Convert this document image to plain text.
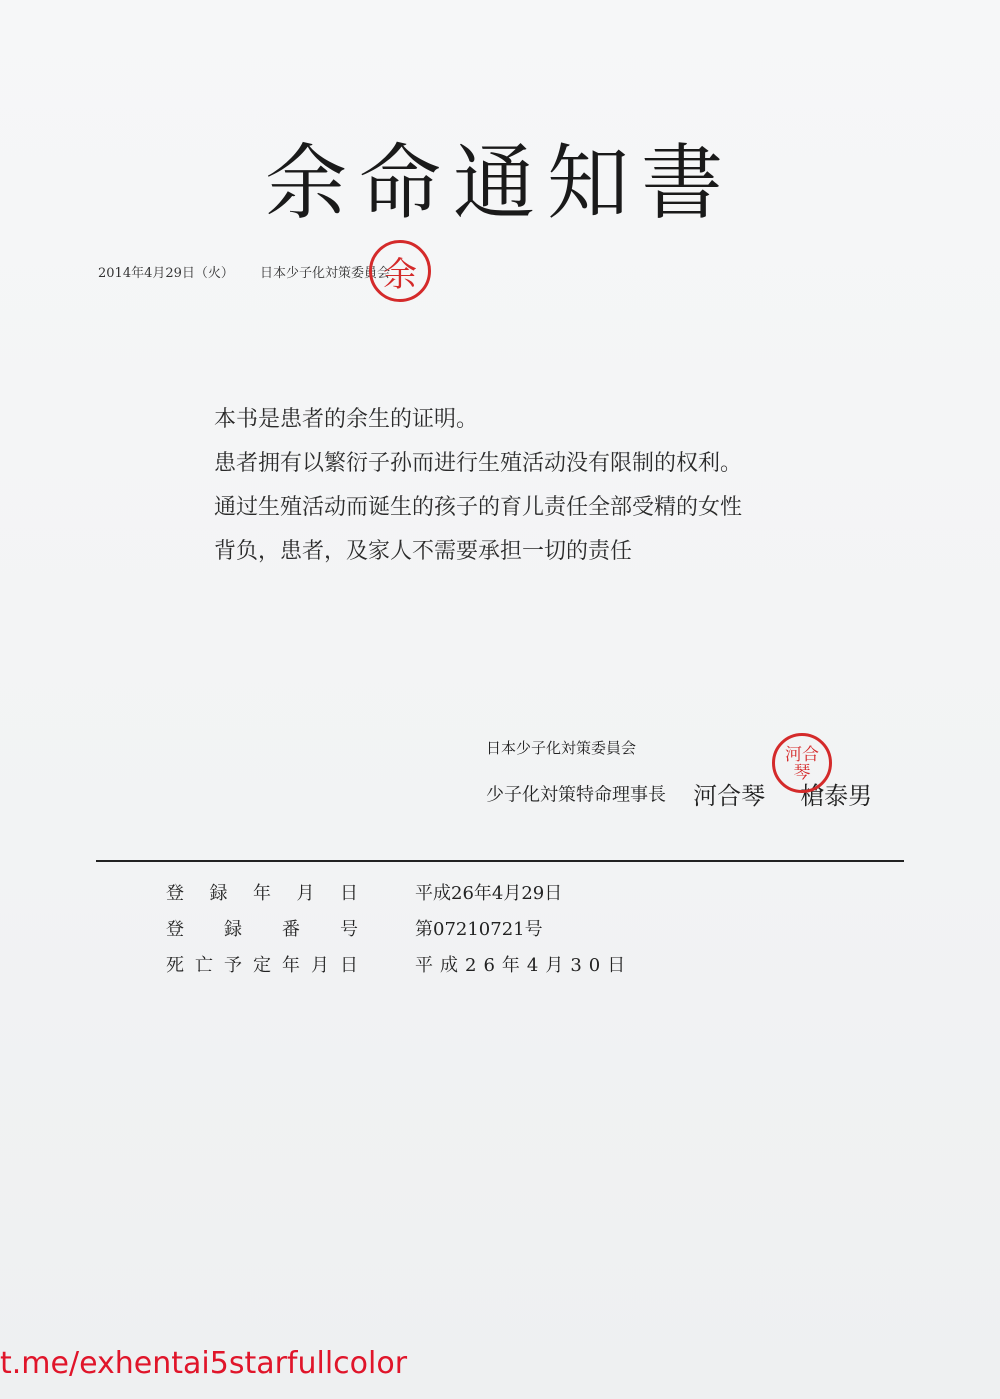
余命通知書
2014年4月29日（火） 日本少子化対策委員会
余

本书是患者的余生的证明。

患者拥有以繁衍子孙而进行生殖活动没有限制的权利。

通过生殖活动而诞生的孩子的育儿责任全部受精的女性

背负，患者，及家人不需要承担一切的责任

日本少子化対策委員会
少子化対策特命理事長 河合琴 槍泰男
河 合
琴
登 録 年 月 日	平成26年4月29日
登 録 番 号	第07210721号
死 亡 予 定 年 月 日	平成26年4月30日
t.me/exhentai5starfullcolor
